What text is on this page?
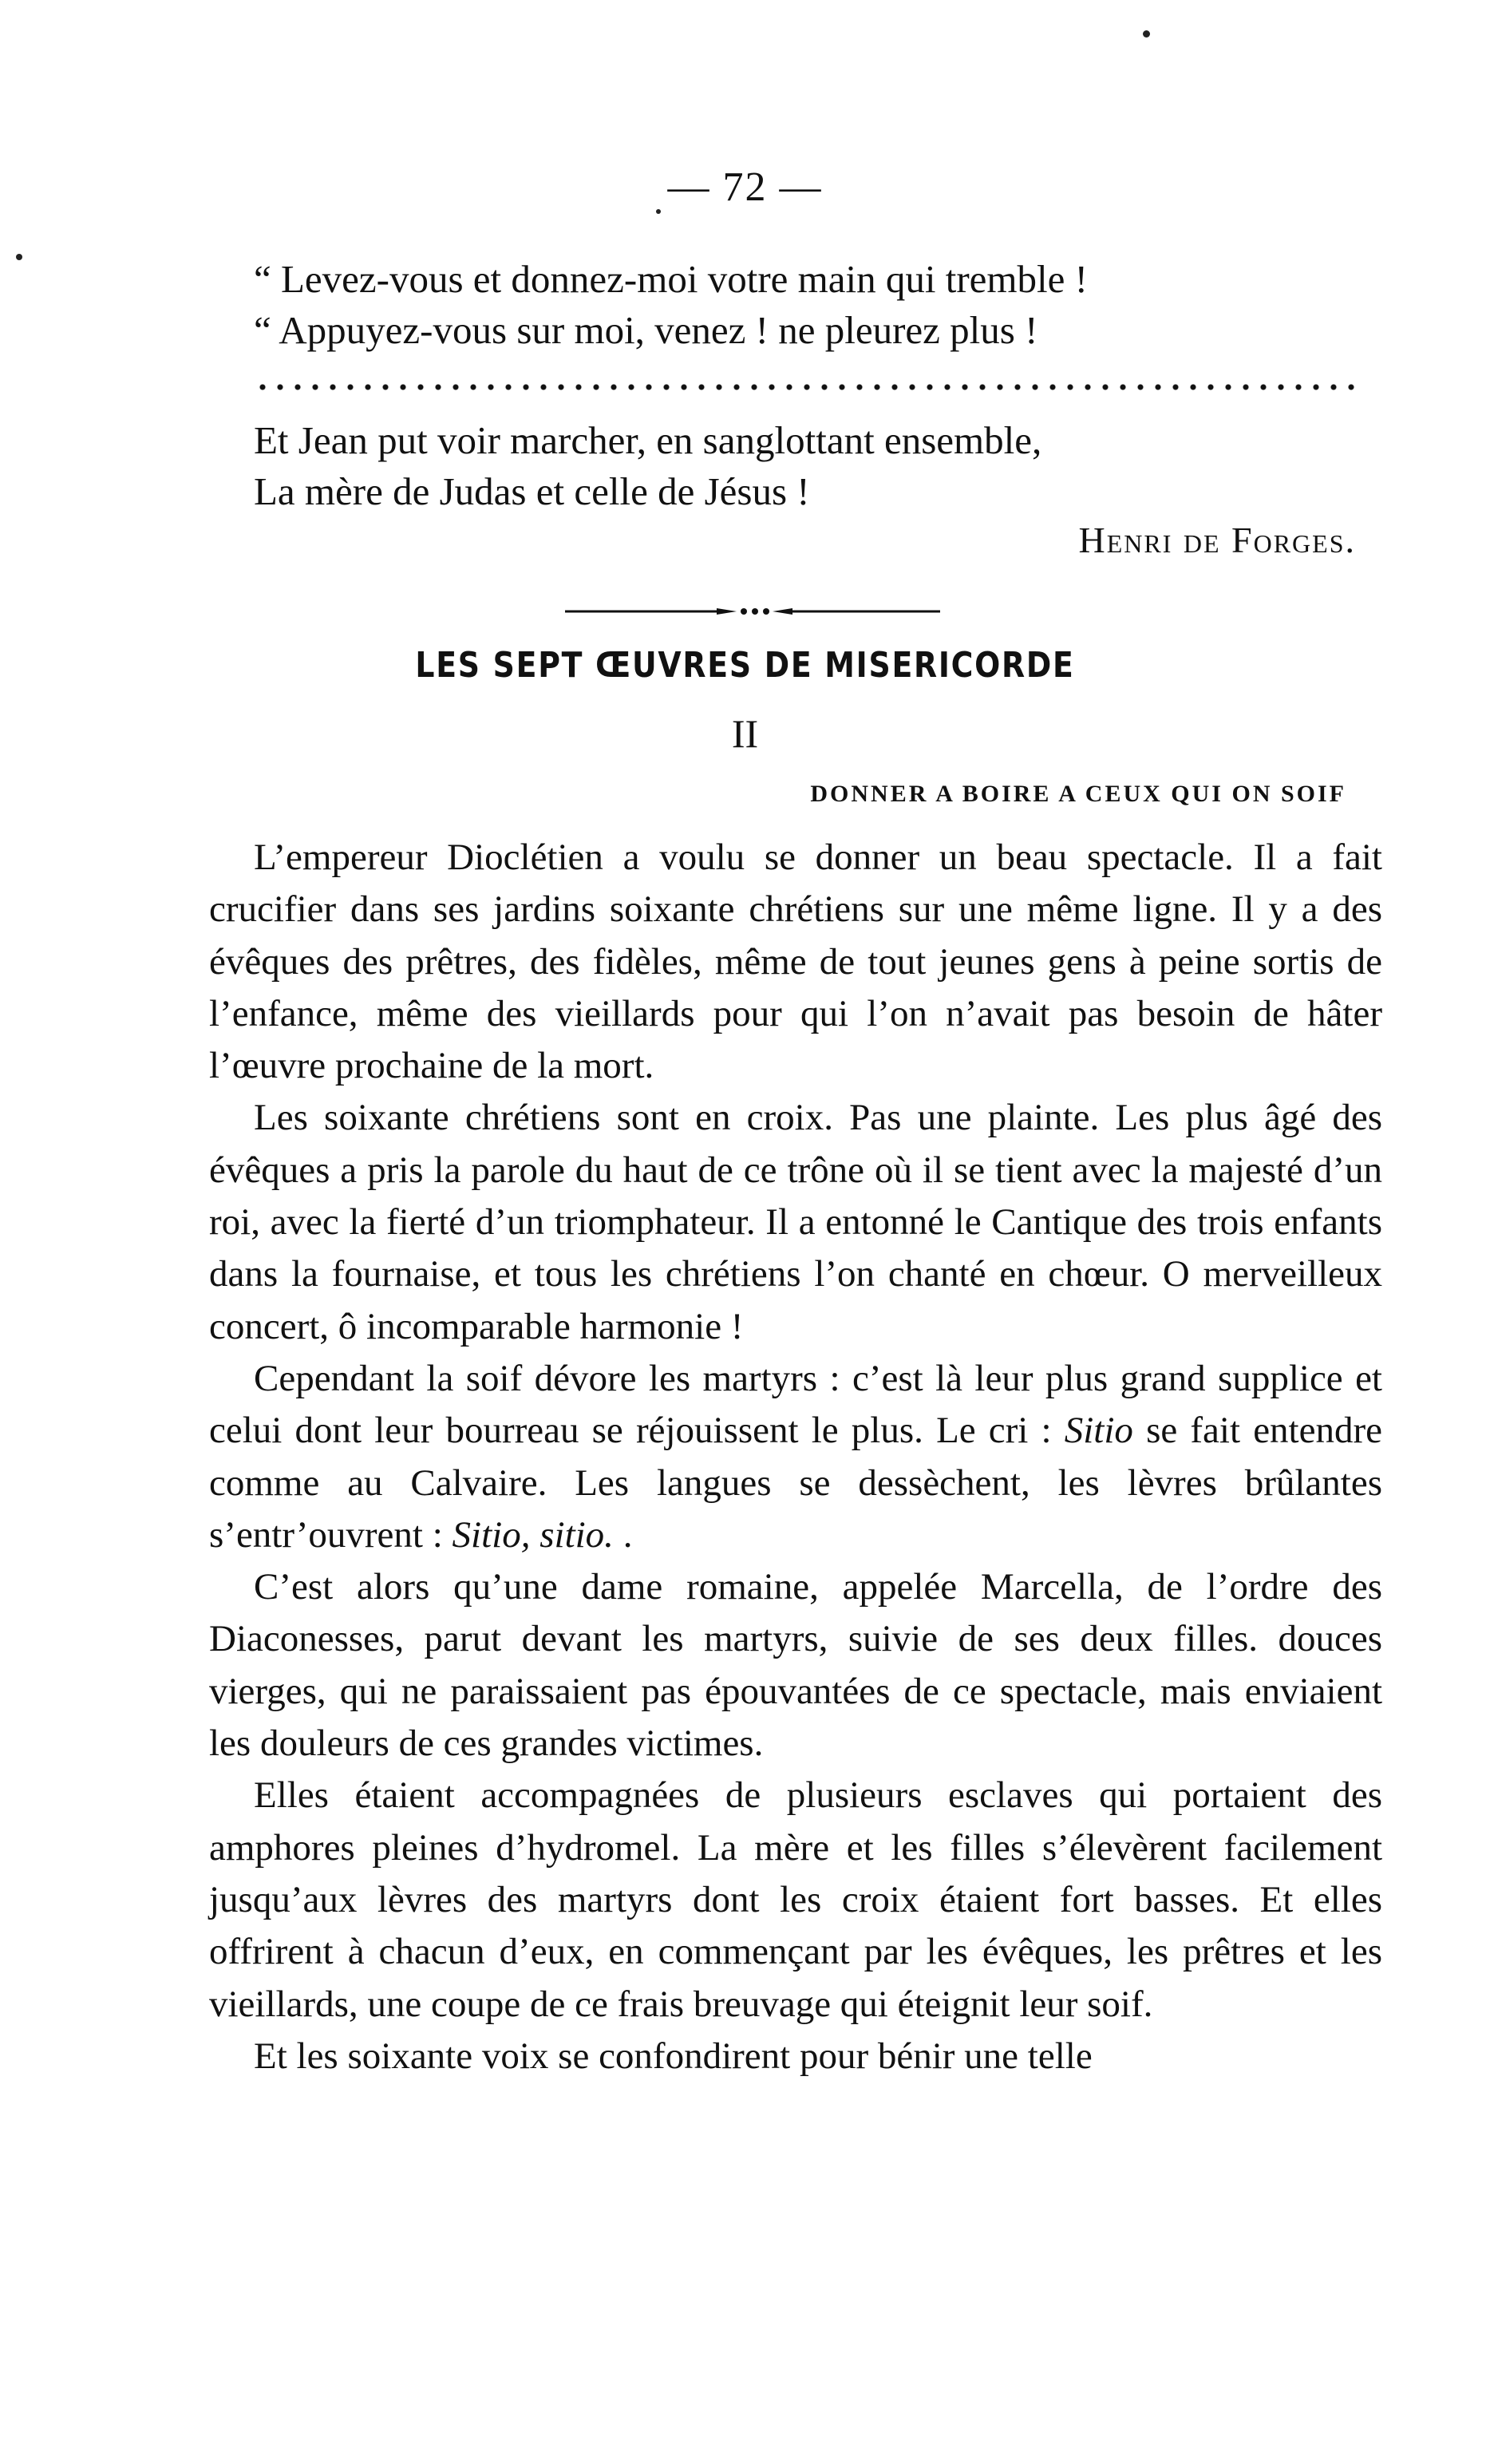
— 72 —
“ Levez-vous et donnez-moi votre main qui tremble !
“ Appuyez-vous sur moi, venez ! ne pleurez plus !
Et Jean put voir marcher, en sanglottant ensemble,
La mère de Judas et celle de Jésus !
Henri de Forges.
LES SEPT ŒUVRES DE MISERICORDE
II
DONNER A BOIRE A CEUX QUI ON SOIF

L’empereur Dioclétien a voulu se donner un beau spectacle. Il a fait crucifier dans ses jardins soixante chrétiens sur une même ligne. Il y a des évêques des prêtres, des fidèles, même de tout jeunes gens à peine sortis de l’enfance, même des vieillards pour qui l’on n’avait pas besoin de hâter l’œuvre prochaine de la mort.

Les soixante chrétiens sont en croix. Pas une plainte. Les plus âgé des évêques a pris la parole du haut de ce trône où il se tient avec la majesté d’un roi, avec la fierté d’un triomphateur. Il a entonné le Cantique des trois enfants dans la fournaise, et tous les chrétiens l’on chanté en chœur. O merveilleux concert, ô incomparable harmonie !

Cependant la soif dévore les martyrs : c’est là leur plus grand supplice et celui dont leur bourreau se réjouissent le plus. Le cri : Sitio se fait entendre comme au Calvaire. Les langues se dessèchent, les lèvres brûlantes s’entr’ouvrent : Sitio, sitio. .

C’est alors qu’une dame romaine, appelée Marcella, de l’ordre des Diaconesses, parut devant les martyrs, suivie de ses deux filles. douces vierges, qui ne paraissaient pas épouvantées de ce spectacle, mais enviaient les douleurs de ces grandes victimes.

Elles étaient accompagnées de plusieurs esclaves qui portaient des amphores pleines d’hydromel. La mère et les filles s’élevèrent facilement jusqu’aux lèvres des martyrs dont les croix étaient fort basses. Et elles offrirent à chacun d’eux, en commençant par les évêques, les prêtres et les vieillards, une coupe de ce frais breuvage qui éteignit leur soif.

Et les soixante voix se confondirent pour bénir une telle
